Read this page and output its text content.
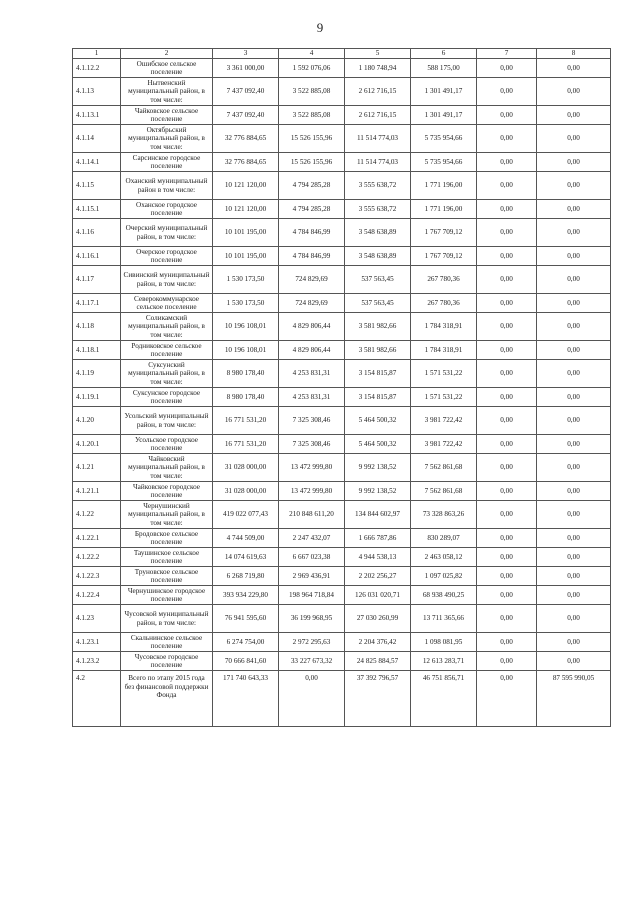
9
1	2	3	4	5	6	7	8
4.1.12.2	Ошибское сельское поселение	3 361 000,00	1 592 076,06	1 180 748,94	588 175,00	0,00	0,00
4.1.13	Нытвенский муниципальный район, в том числе:	7 437 092,40	3 522 885,08	2 612 716,15	1 301 491,17	0,00	0,00
4.1.13.1	Чайковское сельское поселение	7 437 092,40	3 522 885,08	2 612 716,15	1 301 491,17	0,00	0,00
4.1.14	Октябрьский муниципальный район, в том числе:	32 776 884,65	15 526 155,96	11 514 774,03	5 735 954,66	0,00	0,00
4.1.14.1	Сарсинское городское поселение	32 776 884,65	15 526 155,96	11 514 774,03	5 735 954,66	0,00	0,00
4.1.15	Оханский муниципальный район в том числе:	10 121 120,00	4 794 285,28	3 555 638,72	1 771 196,00	0,00	0,00
4.1.15.1	Оханское городское поселение	10 121 120,00	4 794 285,28	3 555 638,72	1 771 196,00	0,00	0,00
4.1.16	Очерский муниципальный район, в том числе:	10 101 195,00	4 784 846,99	3 548 638,89	1 767 709,12	0,00	0,00
4.1.16.1	Очерское городское поселение	10 101 195,00	4 784 846,99	3 548 638,89	1 767 709,12	0,00	0,00
4.1.17	Сивинский муниципальный район, в том числе:	1 530 173,50	724 829,69	537 563,45	267 780,36	0,00	0,00
4.1.17.1	Северокоммунарское сельское поселение	1 530 173,50	724 829,69	537 563,45	267 780,36	0,00	0,00
4.1.18	Соликамский муниципальный район, в том числе:	10 196 108,01	4 829 806,44	3 581 982,66	1 784 318,91	0,00	0,00
4.1.18.1	Родниковское сельское поселение	10 196 108,01	4 829 806,44	3 581 982,66	1 784 318,91	0,00	0,00
4.1.19	Суксунский муниципальный район, в том числе:	8 980 178,40	4 253 831,31	3 154 815,87	1 571 531,22	0,00	0,00
4.1.19.1	Суксунское городское поселение	8 980 178,40	4 253 831,31	3 154 815,87	1 571 531,22	0,00	0,00
4.1.20	Усольский муниципальный район, в том числе:	16 771 531,20	7 325 308,46	5 464 500,32	3 981 722,42	0,00	0,00
4.1.20.1	Усольское городское поселение	16 771 531,20	7 325 308,46	5 464 500,32	3 981 722,42	0,00	0,00
4.1.21	Чайковский муниципальный район, в том числе:	31 028 000,00	13 472 999,80	9 992 138,52	7 562 861,68	0,00	0,00
4.1.21.1	Чайковское городское поселение	31 028 000,00	13 472 999,80	9 992 138,52	7 562 861,68	0,00	0,00
4.1.22	Чернушинский муниципальный район, в том числе:	419 022 077,43	210 848 611,20	134 844 602,97	73 328 863,26	0,00	0,00
4.1.22.1	Бродовское сельское поселение	4 744 509,00	2 247 432,07	1 666 787,86	830 289,07	0,00	0,00
4.1.22.2	Таушинское сельское поселение	14 074 619,63	6 667 023,38	4 944 538,13	2 463 058,12	0,00	0,00
4.1.22.3	Труновское сельское поселение	6 268 719,80	2 969 436,91	2 202 256,27	1 097 025,82	0,00	0,00
4.1.22.4	Чернушинское городское поселение	393 934 229,80	198 964 718,84	126 031 020,71	68 938 490,25	0,00	0,00
4.1.23	Чусовской муниципальный район, в том числе:	76 941 595,60	36 199 968,95	27 030 260,99	13 711 365,66	0,00	0,00
4.1.23.1	Скальнинское сельское поселение	6 274 754,00	2 972 295,63	2 204 376,42	1 098 081,95	0,00	0,00
4.1.23.2	Чусовское городское поселение	70 666 841,60	33 227 673,32	24 825 884,57	12 613 283,71	0,00	0,00
4.2	Всего по этапу 2015 года без финансовой поддержки Фонда	171 740 643,33	0,00	37 392 796,57	46 751 856,71	0,00	87 595 990,05
